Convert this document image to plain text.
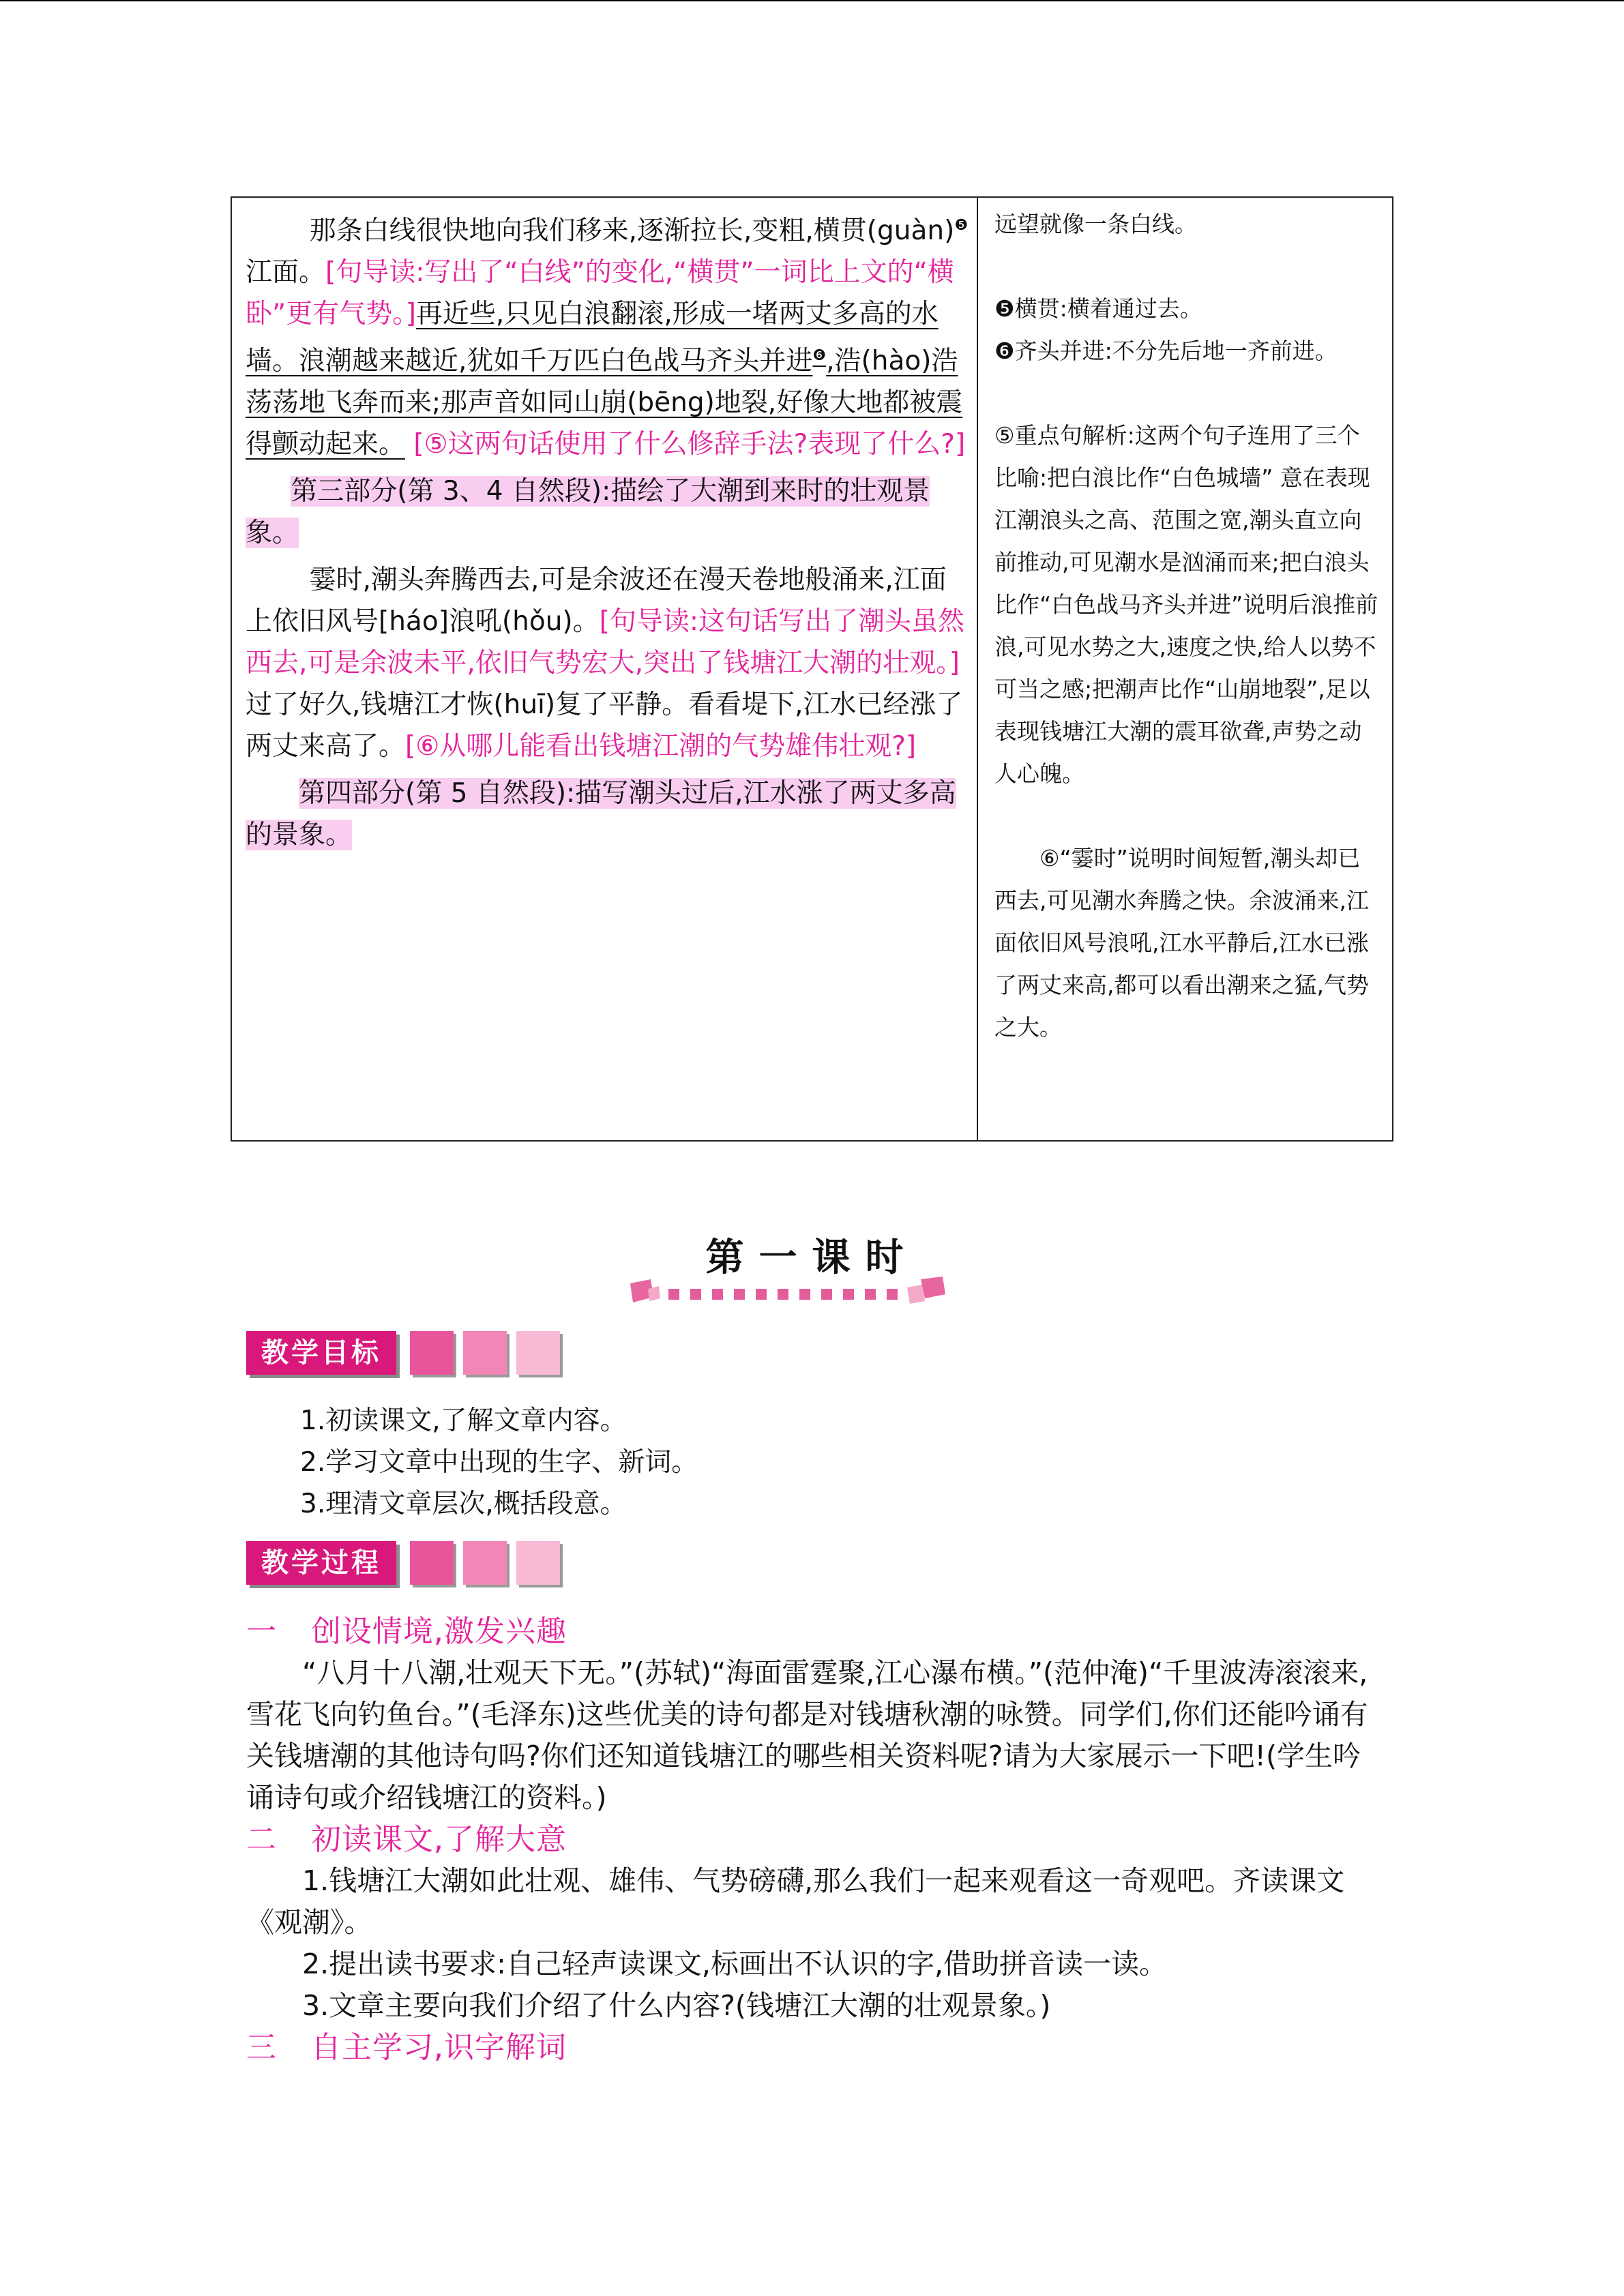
那条白线很快地向我们移来,逐渐拉长,变粗,横贯(guàn)$^❺$江面。[句导读:写出了“白线”的变化,“横贯”一词比上文的“横卧”更有气势。]再近些,只见白浪翻滚,形成一堵两丈多高的水墙。浪潮越来越近,犹如千万匹白色战马齐头并进$^❻$,浩(hào)浩荡荡地飞奔而来;那声音如同山崩(bēng)地裂,好像大地都被震得颤动起来。 [⑤这两句话使用了什么修辞手法?表现了什么?]

第三部分(第 3、4 自然段):描绘了大潮到来时的壮观景象。

霎时,潮头奔腾西去,可是余波还在漫天卷地般涌来,江面上依旧风号[háo]浪吼(hǒu)。[句导读:这句话写出了潮头虽然西去,可是余波未平,依旧气势宏大,突出了钱塘江大潮的壮观。]过了好久,钱塘江才恢(huī)复了平静。看看堤下,江水已经涨了两丈来高了。[⑥从哪儿能看出钱塘江潮的气势雄伟壮观?]

第四部分(第 5 自然段):描写潮头过后,江水涨了两丈多高的景象。

远望就像一条白线。

❺横贯:横着通过去。

❻齐头并进:不分先后地一齐前进。

⑤重点句解析:这两个句子连用了三个比喻:把白浪比作“白色城墙” 意在表现江潮浪头之高、范围之宽,潮头直立向前推动,可见潮水是汹涌而来;把白浪头比作“白色战马齐头并进”说明后浪推前浪,可见水势之大,速度之快,给人以势不可当之感;把潮声比作“山崩地裂”,足以表现钱塘江大潮的震耳欲聋,声势之动人心魄。

⑥“霎时”说明时间短暂,潮头却已西去,可见潮水奔腾之快。余波涌来,江面依旧风号浪吼,江水平静后,江水已涨了两丈来高,都可以看出潮来之猛,气势之大。

第一课时
教学目标

1.初读课文,了解文章内容。

2.学习文章中出现的生字、新词。

3.理清文章层次,概括段意。

教学过程

一 创设情境,激发兴趣

“八月十八潮,壮观天下无。”(苏轼)“海面雷霆聚,江心瀑布横。”(范仲淹)“千里波涛滚滚来,雪花飞向钓鱼台。”(毛泽东)这些优美的诗句都是对钱塘秋潮的咏赞。同学们,你们还能吟诵有关钱塘潮的其他诗句吗?你们还知道钱塘江的哪些相关资料呢?请为大家展示一下吧!(学生吟诵诗句或介绍钱塘江的资料。)

二 初读课文,了解大意

1.钱塘江大潮如此壮观、雄伟、气势磅礴,那么我们一起来观看这一奇观吧。齐读课文《观潮》。

2.提出读书要求:自己轻声读课文,标画出不认识的字,借助拼音读一读。

3.文章主要向我们介绍了什么内容?(钱塘江大潮的壮观景象。)

三 自主学习,识字解词
